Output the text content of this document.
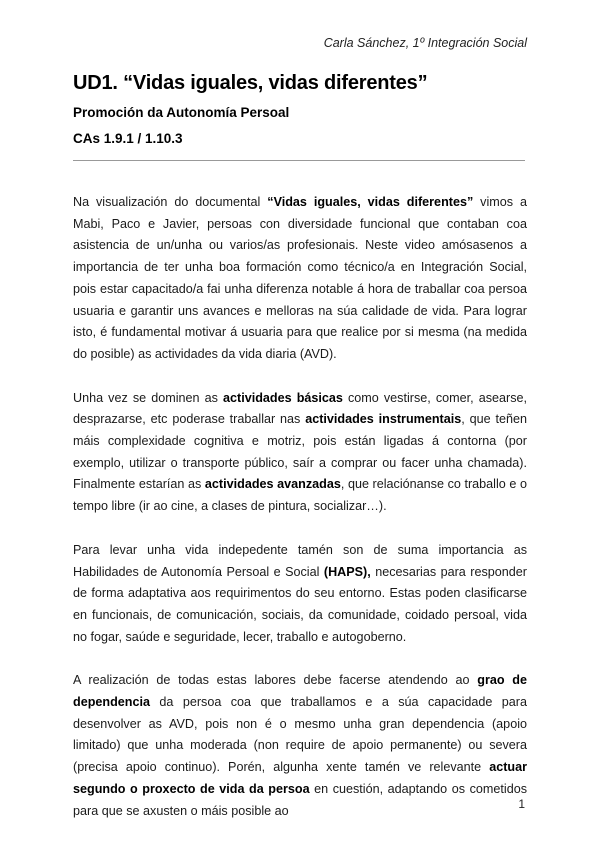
Carla Sánchez, 1º Integración Social
UD1. “Vidas iguales, vidas diferentes”
Promoción da Autonomía Persoal
CAs 1.9.1 / 1.10.3

Na visualización do documental “Vidas iguales, vidas diferentes” vimos a Mabi, Paco e Javier, persoas con diversidade funcional que contaban coa asistencia de un/unha ou varios/as profesionais. Neste video amósasenos a importancia de ter unha boa formación como técnico/a en Integración Social, pois estar capacitado/a fai unha diferenza notable á hora de traballar coa persoa usuaria e garantir uns avances e melloras na súa calidade de vida. Para lograr isto, é fundamental motivar á usuaria para que realice por si mesma (na medida do posible) as actividades da vida diaria (AVD).

Unha vez se dominen as actividades básicas como vestirse, comer, asearse, desprazarse, etc poderase traballar nas actividades instrumentais, que teñen máis complexidade cognitiva e motriz, pois están ligadas á contorna (por exemplo, utilizar o transporte público, saír a comprar ou facer unha chamada). Finalmente estarían as actividades avanzadas, que relaciónanse co traballo e o tempo libre (ir ao cine, a clases de pintura, socializar…).

Para levar unha vida indepedente tamén son de suma importancia as Habilidades de Autonomía Persoal e Social (HAPS), necesarias para responder de forma adaptativa aos requirimentos do seu entorno. Estas poden clasificarse en funcionais, de comunicación, sociais, da comunidade, coidado persoal, vida no fogar, saúde e seguridade, lecer, traballo e autogoberno.

A realización de todas estas labores debe facerse atendendo ao grao de dependencia da persoa coa que traballamos e a súa capacidade para desenvolver as AVD, pois non é o mesmo unha gran dependencia (apoio limitado) que unha moderada (non require de apoio permanente) ou severa (precisa apoio continuo). Porén, algunha xente tamén ve relevante actuar segundo o proxecto de vida da persoa en cuestión, adaptando os cometidos para que se axusten o máis posible ao	1
